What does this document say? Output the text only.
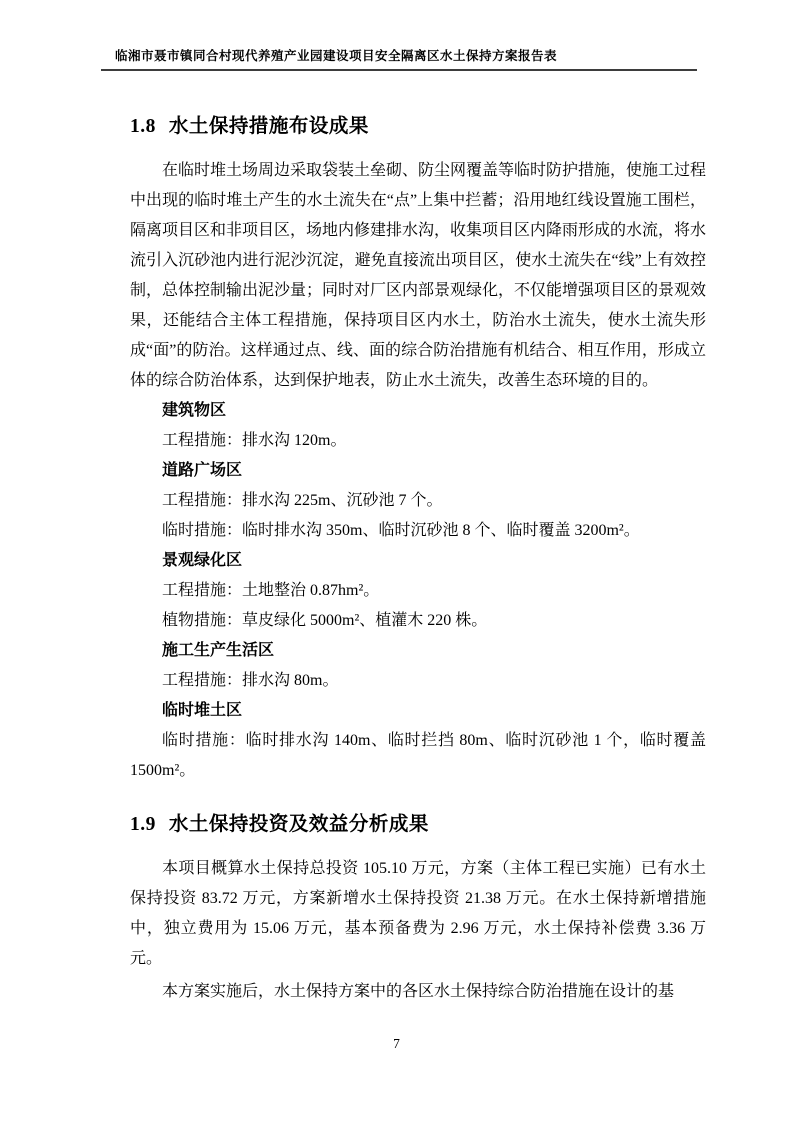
临湘市聂市镇同合村现代养殖产业园建设项目安全隔离区水土保持方案报告表
1.8 水土保持措施布设成果

在临时堆土场周边采取袋装土垒砌、防尘网覆盖等临时防护措施，使施工过程中出现的临时堆土产生的水土流失在“点”上集中拦蓄；沿用地红线设置施工围栏，隔离项目区和非项目区，场地内修建排水沟，收集项目区内降雨形成的水流，将水流引入沉砂池内进行泥沙沉淀，避免直接流出项目区，使水土流失在“线”上有效控制，总体控制输出泥沙量；同时对厂区内部景观绿化，不仅能增强项目区的景观效果，还能结合主体工程措施，保持项目区内水土，防治水土流失，使水土流失形成“面”的防治。这样通过点、线、面的综合防治措施有机结合、相互作用，形成立体的综合防治体系，达到保护地表，防止水土流失，改善生态环境的目的。

建筑物区

工程措施：排水沟 120m。

道路广场区

工程措施：排水沟 225m、沉砂池 7 个。

临时措施：临时排水沟 350m、临时沉砂池 8 个、临时覆盖 3200m²。

景观绿化区

工程措施：土地整治 0.87hm²。

植物措施：草皮绿化 5000m²、植灌木 220 株。

施工生产生活区

工程措施：排水沟 80m。

临时堆土区

临时措施：临时排水沟 140m、临时拦挡 80m、临时沉砂池 1 个，临时覆盖 1500m²。

1.9 水土保持投资及效益分析成果

本项目概算水土保持总投资 105.10 万元，方案（主体工程已实施）已有水土保持投资 83.72 万元，方案新增水土保持投资 21.38 万元。在水土保持新增措施中，独立费用为 15.06 万元，基本预备费为 2.96 万元，水土保持补偿费 3.36 万元。

本方案实施后，水土保持方案中的各区水土保持综合防治措施在设计的基

7
